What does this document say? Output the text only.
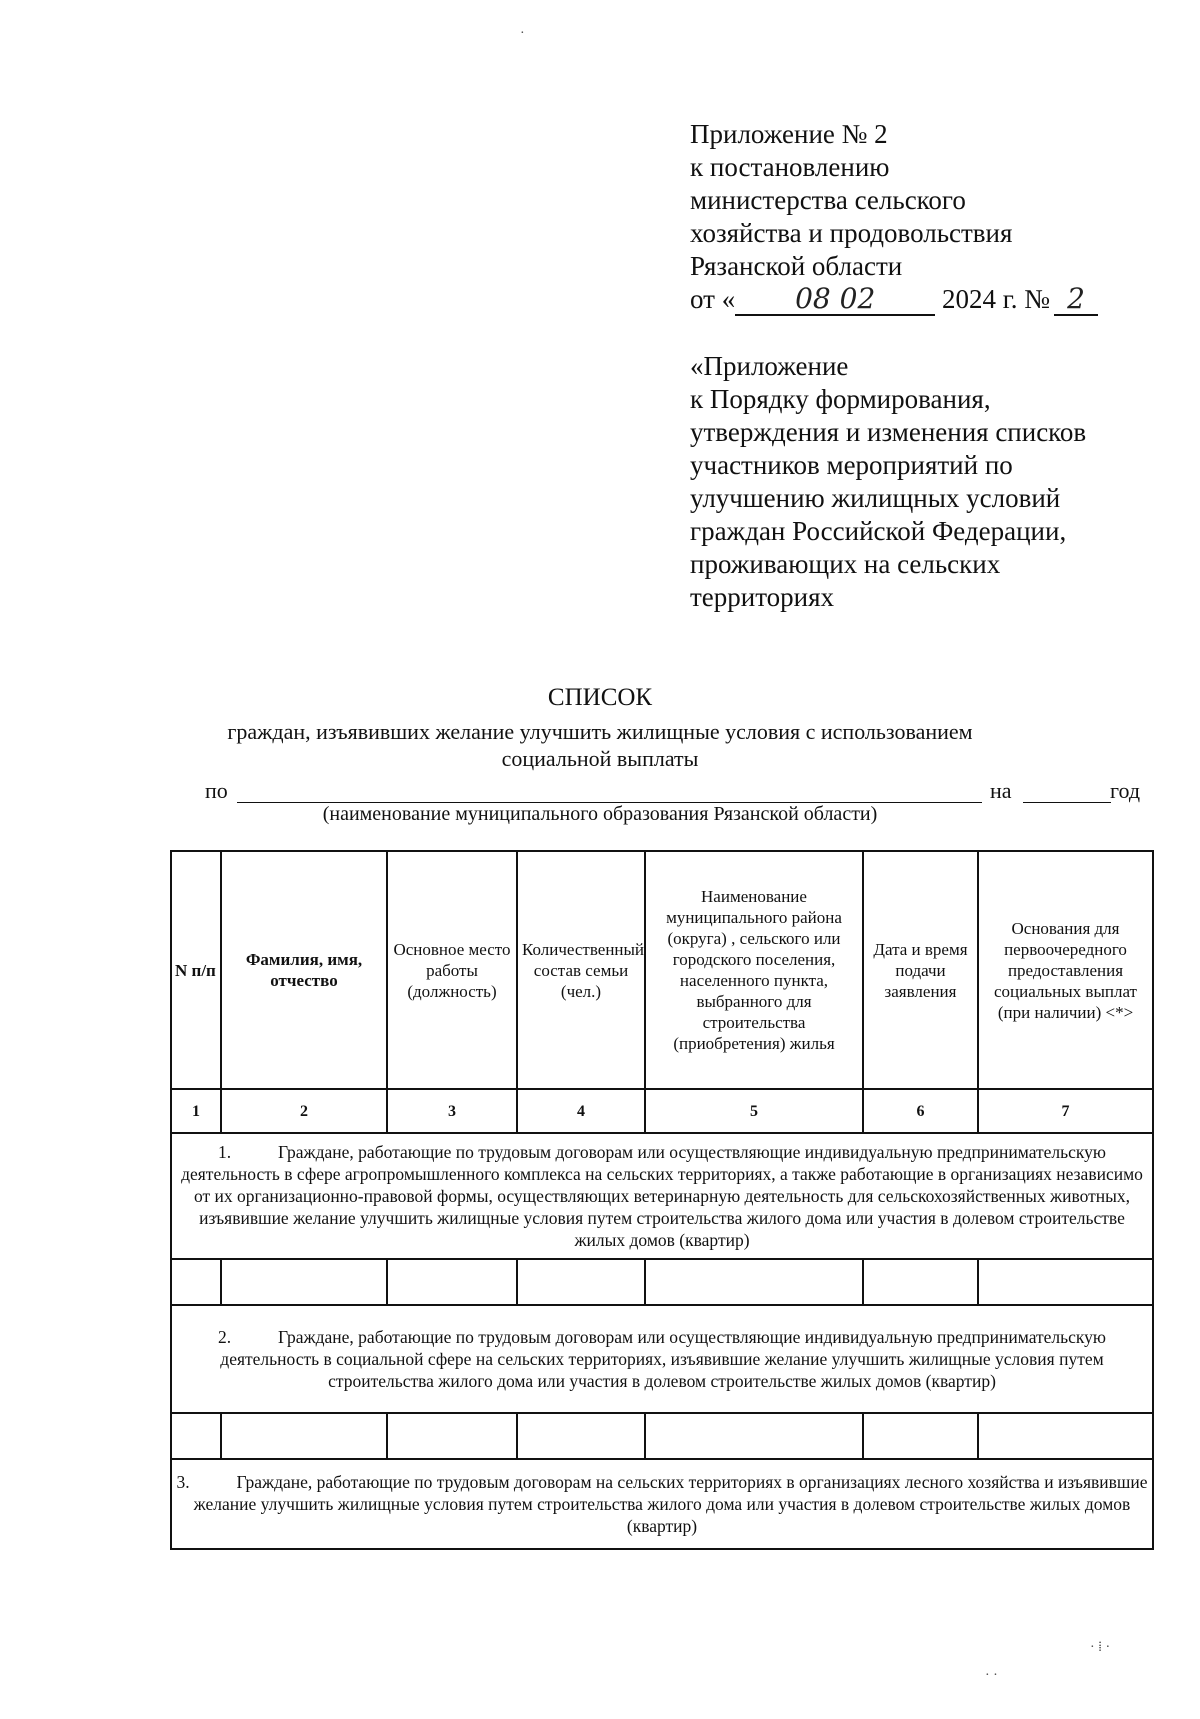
Приложение № 2
к постановлению
министерства сельского
хозяйства и продовольствия
Рязанской области
от « 08 02 2024 г. № 2
«Приложение
к Порядку формирования,
утверждения и изменения списков
участников мероприятий по
улучшению жилищных условий
граждан Российской Федерации,
проживающих на сельских
территориях
СПИСОК
граждан, изъявивших желание улучшить жилищные условия с использованием
социальной выплаты
по	на	год
(наименование муниципального образования Рязанской области)
N п/п	Фамилия, имя, отчество	Основное место работы (должность)	Количественный состав семьи (чел.)	Наименование муниципального района (округа) , сельского или городского поселения, населенного пункта, выбранного для строительства (приобретения) жилья	Дата и время подачи заявления	Основания для первоочередного предоставления социальных выплат (при наличии) <*>
1	2	3	4	5	6	7
1. Граждане, работающие по трудовым договорам или осуществляющие индивидуальную предпринимательскую деятельность в сфере агропромышленного комплекса на сельских территориях, а также работающие в организациях независимо от их организационно-правовой формы, осуществляющих ветеринарную деятельность для сельскохозяйственных животных, изъявившие желание улучшить жилищные условия путем строительства жилого дома или участия в долевом строительстве жилых домов (квартир)						

2. Граждане, работающие по трудовым договорам или осуществляющие индивидуальную предпринимательскую деятельность в социальной сфере на сельских территориях, изъявившие желание улучшить жилищные условия путем строительства жилого дома или участия в долевом строительстве жилых домов (квартир)						

3. Граждане, работающие по трудовым договорам на сельских территориях в организациях лесного хозяйства и изъявившие желание улучшить жилищные условия путем строительства жилого дома или участия в долевом строительстве жилых домов (квартир)						
·
· ⁞ ·
· ·
